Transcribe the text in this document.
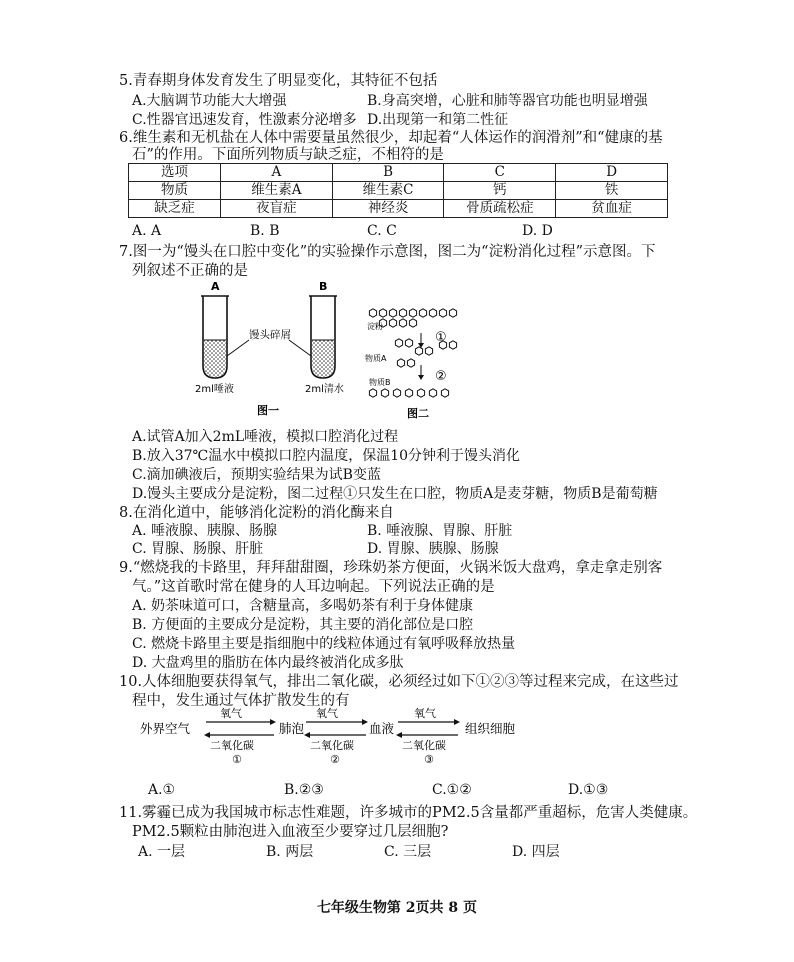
5.青春期身体发育发生了明显变化，其特征不包括
A.大脑调节功能大大增强	B.身高突增，心脏和肺等器官功能也明显增强
C.性器官迅速发育，性激素分泌增多 D.出现第一和第二性征
6.维生素和无机盐在人体中需要量虽然很少，却起着“人体运作的润滑剂”和“健康的基
石”的作用。下面所列物质与缺乏症，不相符的是
选项	A	B	C	D
物质	维生素A	维生素C	钙	铁
缺乏症	夜盲症	神经炎	骨质疏松症	贫血症
A. A	B. B	C. C	D. D
7.图一为“馒头在口腔中变化”的实验操作示意图，图二为“淀粉消化过程”示意图。下
列叙述不正确的是
A	B
馒头碎屑
2ml唾液	2ml清水
图一
淀粉
物质A
物质B
①
②
图二
A.试管A加入2mL唾液，模拟口腔消化过程
B.放入37℃温水中模拟口腔内温度，保温10分钟利于馒头消化
C.滴加碘液后，预期实验结果为试B变蓝
D.馒头主要成分是淀粉，图二过程①只发生在口腔，物质A是麦芽糖，物质B是葡萄糖
8.在消化道中，能够消化淀粉的消化酶来自
A. 唾液腺、胰腺、肠腺	B. 唾液腺、胃腺、肝脏
C. 胃腺、肠腺、肝脏	D. 胃腺、胰腺、肠腺
9.“燃烧我的卡路里，拜拜甜甜圈，珍珠奶茶方便面，火锅米饭大盘鸡，拿走拿走别客
气。”这首歌时常在健身的人耳边响起。下列说法正确的是
A. 奶茶味道可口，含糖量高，多喝奶茶有利于身体健康
B. 方便面的主要成分是淀粉，其主要的消化部位是口腔
C. 燃烧卡路里主要是指细胞中的线粒体通过有氧呼吸释放热量
D. 大盘鸡里的脂肪在体内最终被消化成多肽
10.人体细胞要获得氧气，排出二氧化碳，必须经过如下①②③等过程来完成，在这些过
程中，发生通过气体扩散发生的有
外界空气	肺泡	血液	组织细胞
氧气
二氧化碳
①
氧气
二氧化碳
②
氧气
二氧化碳
③
A.①	B.②③	C.①②	D.①③
11.雾霾已成为我国城市标志性难题，许多城市的PM2.5含量都严重超标，危害人类健康。
PM2.5颗粒由肺泡进入血液至少要穿过几层细胞?
A. 一层	B. 两层	C. 三层	D. 四层
七年级生物第 2页共 8 页
